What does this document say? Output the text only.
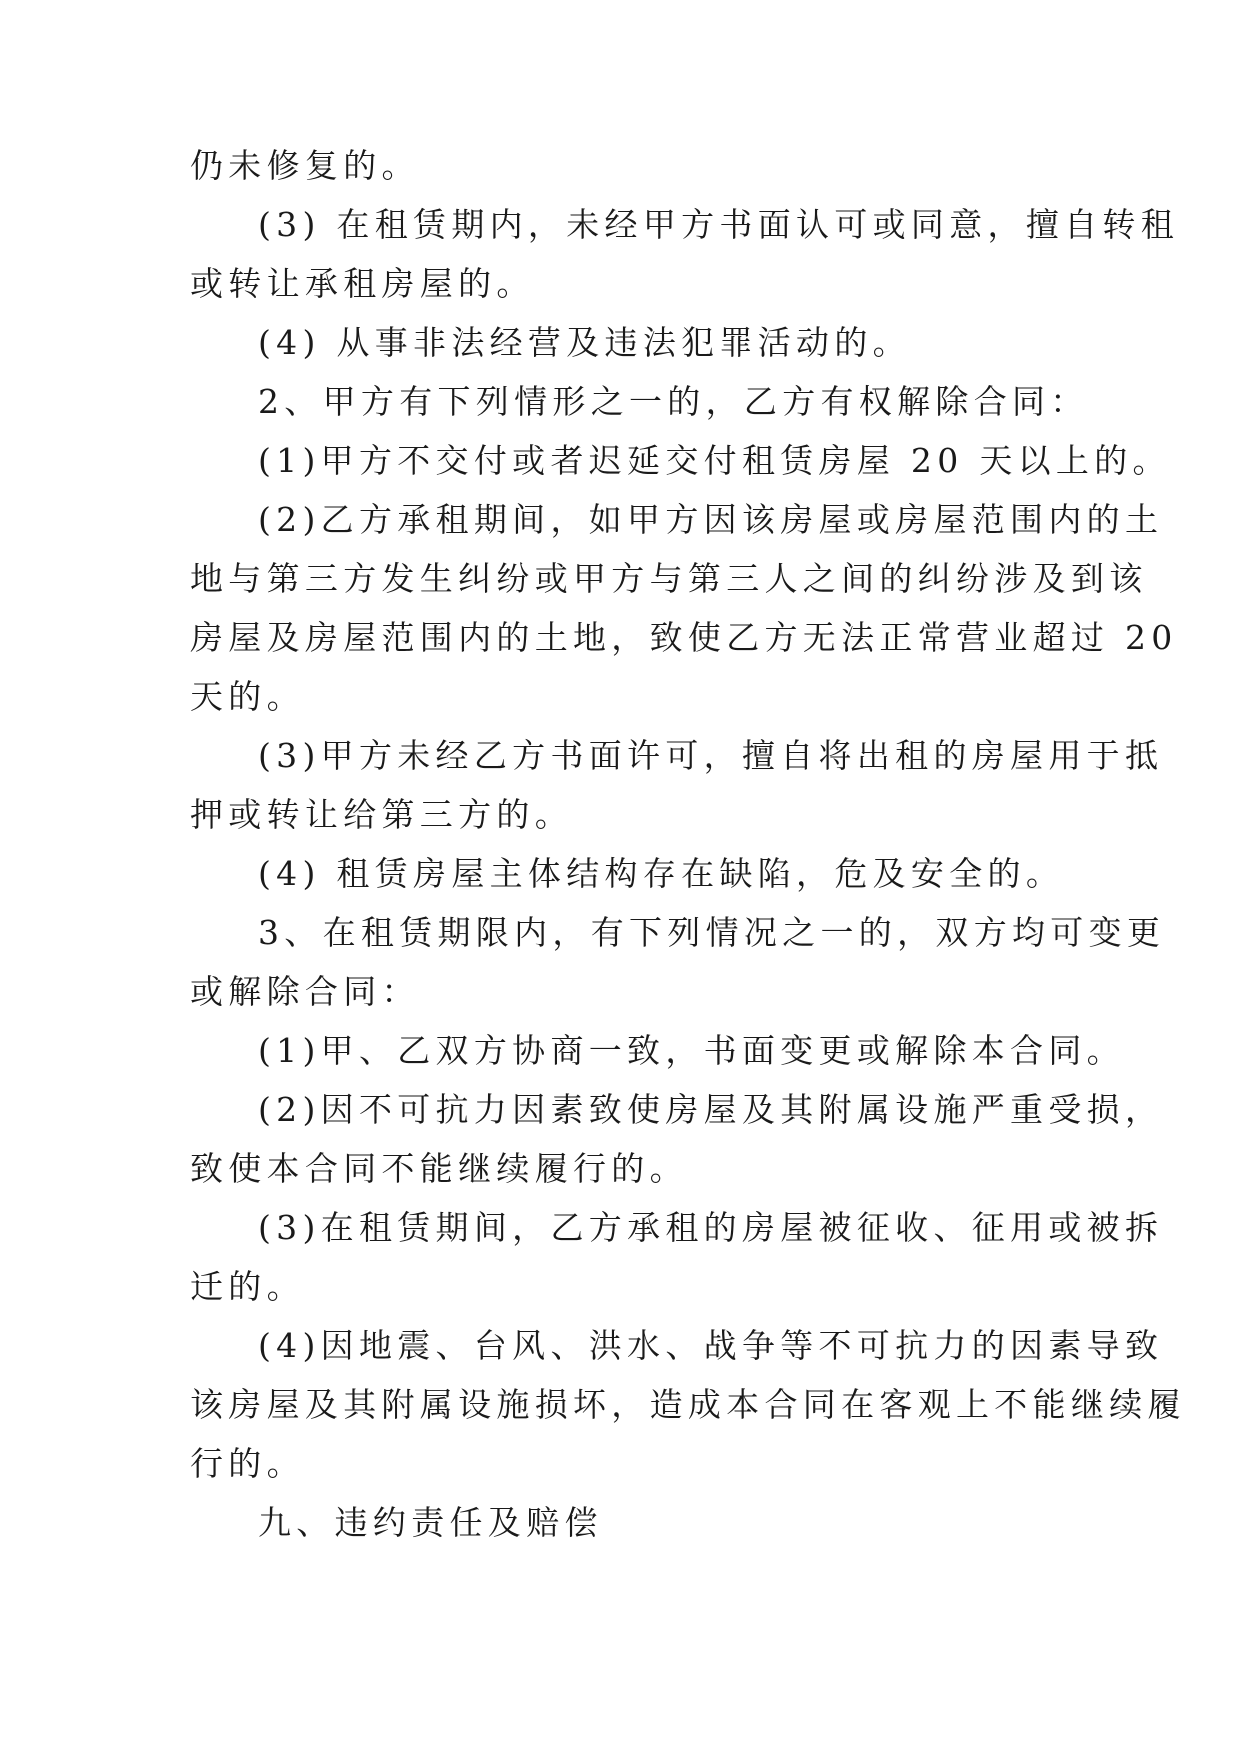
仍未修复的。

(3) 在租赁期内，未经甲方书面认可或同意，擅自转租

或转让承租房屋的。

(4) 从事非法经营及违法犯罪活动的。

2、甲方有下列情形之一的，乙方有权解除合同：

(1)甲方不交付或者迟延交付租赁房屋 20 天以上的。

(2)乙方承租期间，如甲方因该房屋或房屋范围内的土

地与第三方发生纠纷或甲方与第三人之间的纠纷涉及到该

房屋及房屋范围内的土地，致使乙方无法正常营业超过 20

天的。

(3)甲方未经乙方书面许可，擅自将出租的房屋用于抵

押或转让给第三方的。

(4) 租赁房屋主体结构存在缺陷，危及安全的。

3、在租赁期限内，有下列情况之一的，双方均可变更

或解除合同：

(1)甲、乙双方协商一致，书面变更或解除本合同。

(2)因不可抗力因素致使房屋及其附属设施严重受损，

致使本合同不能继续履行的。

(3)在租赁期间，乙方承租的房屋被征收、征用或被拆

迁的。

(4)因地震、台风、洪水、战争等不可抗力的因素导致

该房屋及其附属设施损坏，造成本合同在客观上不能继续履

行的。

九、违约责任及赔偿
